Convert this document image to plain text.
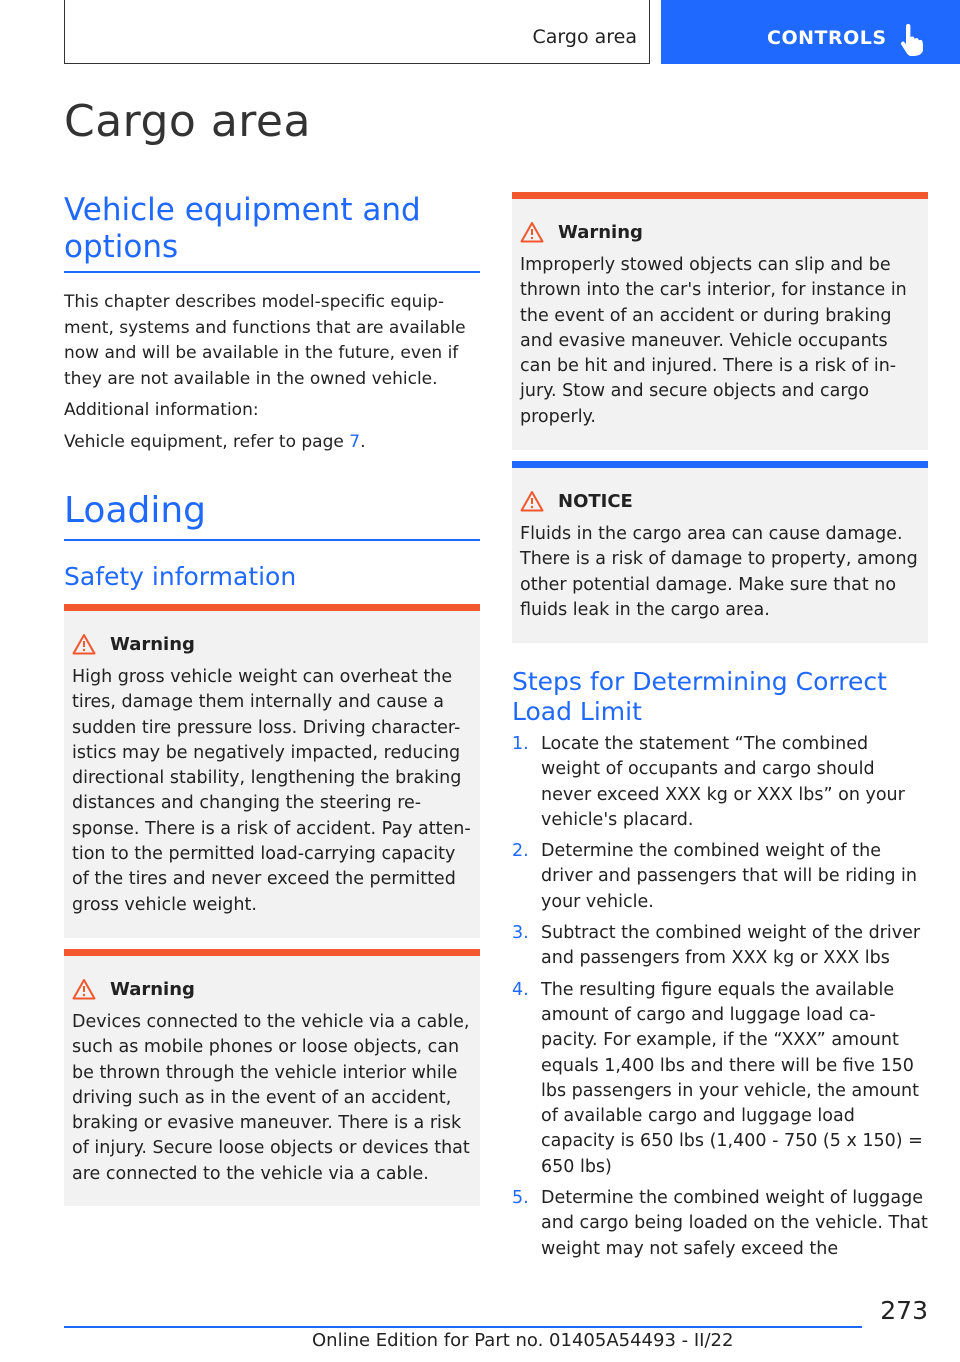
Cargo area	CONTROLS
Cargo area
Vehicle equipment and options

This chapter describes model-specific equip-ment, systems and functions that are available now and will be available in the future, even if they are not available in the owned vehicle.

Additional information:

Vehicle equipment, refer to page 7.

Loading
Safety information
Warning

High gross vehicle weight can overheat the tires, damage them internally and cause a sudden tire pressure loss. Driving character-istics may be negatively impacted, reducing directional stability, lengthening the braking distances and changing the steering re-sponse. There is a risk of accident. Pay atten-tion to the permitted load-carrying capacity of the tires and never exceed the permitted gross vehicle weight.

Warning

Devices connected to the vehicle via a cable, such as mobile phones or loose objects, can be thrown through the vehicle interior while driving such as in the event of an accident, braking or evasive maneuver. There is a risk of injury. Secure loose objects or devices that are connected to the vehicle via a cable.

Warning

Improperly stowed objects can slip and be thrown into the car's interior, for instance in the event of an accident or during braking and evasive maneuver. Vehicle occupants can be hit and injured. There is a risk of in-jury. Stow and secure objects and cargo properly.

NOTICE

Fluids in the cargo area can cause damage. There is a risk of damage to property, among other potential damage. Make sure that no fluids leak in the cargo area.

Steps for Determining Correct Load Limit
1. Locate the statement “The combined weight of occupants and cargo should never exceed XXX kg or XXX lbs” on your vehicle's placard.
2. Determine the combined weight of the driver and passengers that will be riding in your vehicle.
3. Subtract the combined weight of the driver and passengers from XXX kg or XXX lbs
4. The resulting figure equals the available amount of cargo and luggage load ca-pacity. For example, if the “XXX” amount equals 1,400 lbs and there will be five 150 lbs passengers in your vehicle, the amount of available cargo and luggage load capacity is 650 lbs (1,400 - 750 (5 x 150) = 650 lbs)
5. Determine the combined weight of luggage and cargo being loaded on the vehicle. That weight may not safely exceed the
273
Online Edition for Part no. 01405A54493 - II/22
